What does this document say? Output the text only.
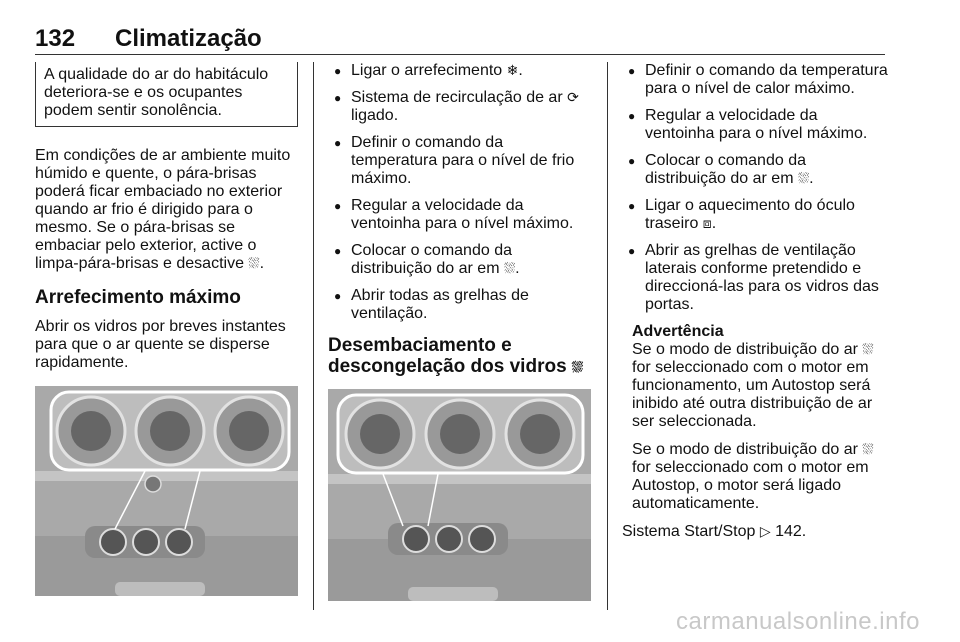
132 Climatização
A qualidade do ar do habitáculo deteriora-se e os ocupantes podem sentir sonolência.

Em condições de ar ambiente muito húmido e quente, o pára-brisas poderá ficar embaciado no exterior quando ar frio é dirigido para o mesmo. Se o pára-brisas se embaciar pelo exterior, active o limpa-pára-brisas e desactive ⛆.

Arrefecimento máximo

Abrir os vidros por breves instantes para que o ar quente se disperse rapidamente.

● Ligar o arrefecimento ❄.
● Sistema de recirculação de ar ⟳ ligado.
● Definir o comando da temperatura para o nível de frio máximo.
● Regular a velocidade da ventoinha para o nível máximo.
● Colocar o comando da distribuição do ar em ⛆.
● Abrir todas as grelhas de ventilação.
Desembaciamento e
descongelação dos vidros ⛆
● Definir o comando da temperatura para o nível de calor máximo.
● Regular a velocidade da ventoinha para o nível máximo.
● Colocar o comando da distribuição do ar em ⛆.
● Ligar o aquecimento do óculo traseiro ⧈.
● Abrir as grelhas de ventilação laterais conforme pretendido e direccioná-las para os vidros das portas.
Advertência

Se o modo de distribuição do ar ⛆ for seleccionado com o motor em funcionamento, um Autostop será inibido até outra distribuição de ar ser seleccionada.

Se o modo de distribuição do ar ⛆ for seleccionado com o motor em Autostop, o motor será ligado automaticamente.

Sistema Start/Stop ▷ 142.

carmanualsonline.info
